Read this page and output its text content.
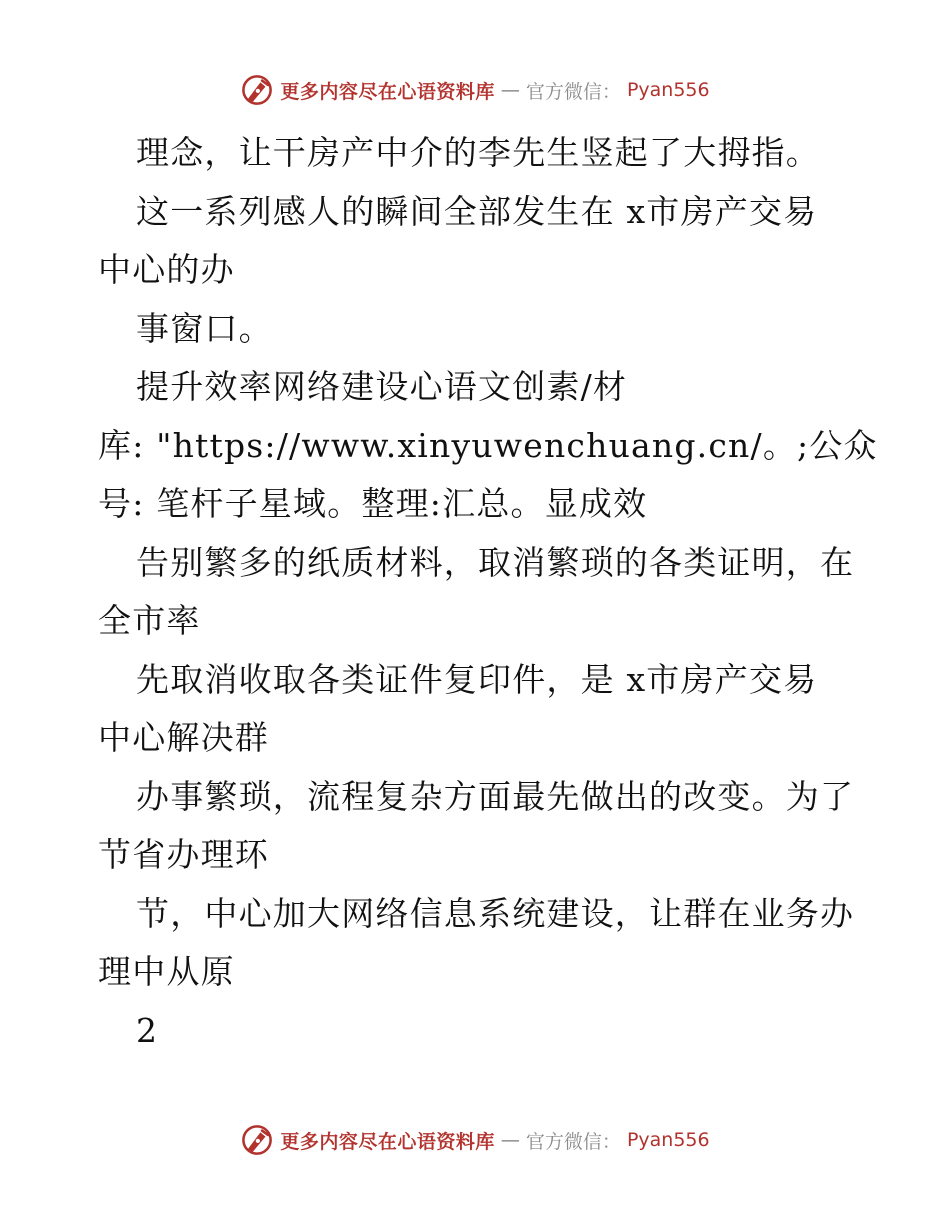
更多内容尽在心语资料库 — 官方微信： Pyan556
理念，让干房产中介的李先生竖起了大拇指。
这一系列感人的瞬间全部发生在 x市房产交易
中心的办
事窗口。
提升效率网络建设心语文创素/材
库: "https://www.xinyuwenchuang.cn/。;公众
号: 笔杆子星域。整理:汇总。显成效
告别繁多的纸质材料，取消繁琐的各类证明，在
全市率
先取消收取各类证件复印件，是 x市房产交易
中心解决群
办事繁琐，流程复杂方面最先做出的改变。为了
节省办理环
节，中心加大网络信息系统建设，让群在业务办
理中从原
2
更多内容尽在心语资料库 — 官方微信： Pyan556
